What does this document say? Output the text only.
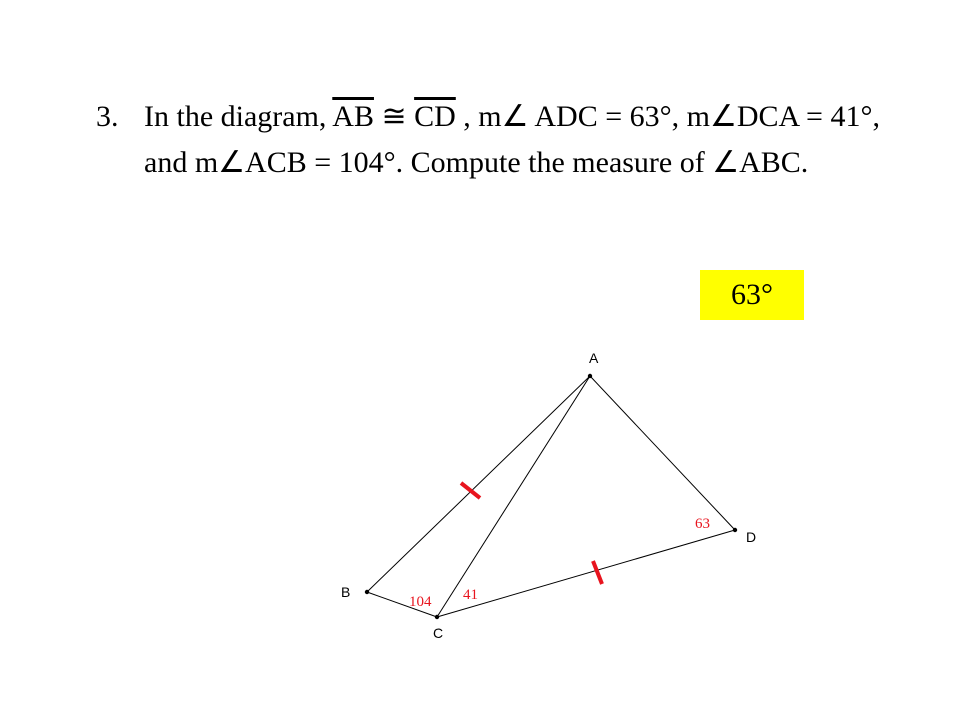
3. In the diagram, $\overline{AB}$ ≅ $\overline{CD}$ , m∠ ADC = 63°, m∠DCA = 41°,
and m∠ACB = 104°. Compute the measure of ∠ABC.
63°
A
B
C
D
63
41
104
